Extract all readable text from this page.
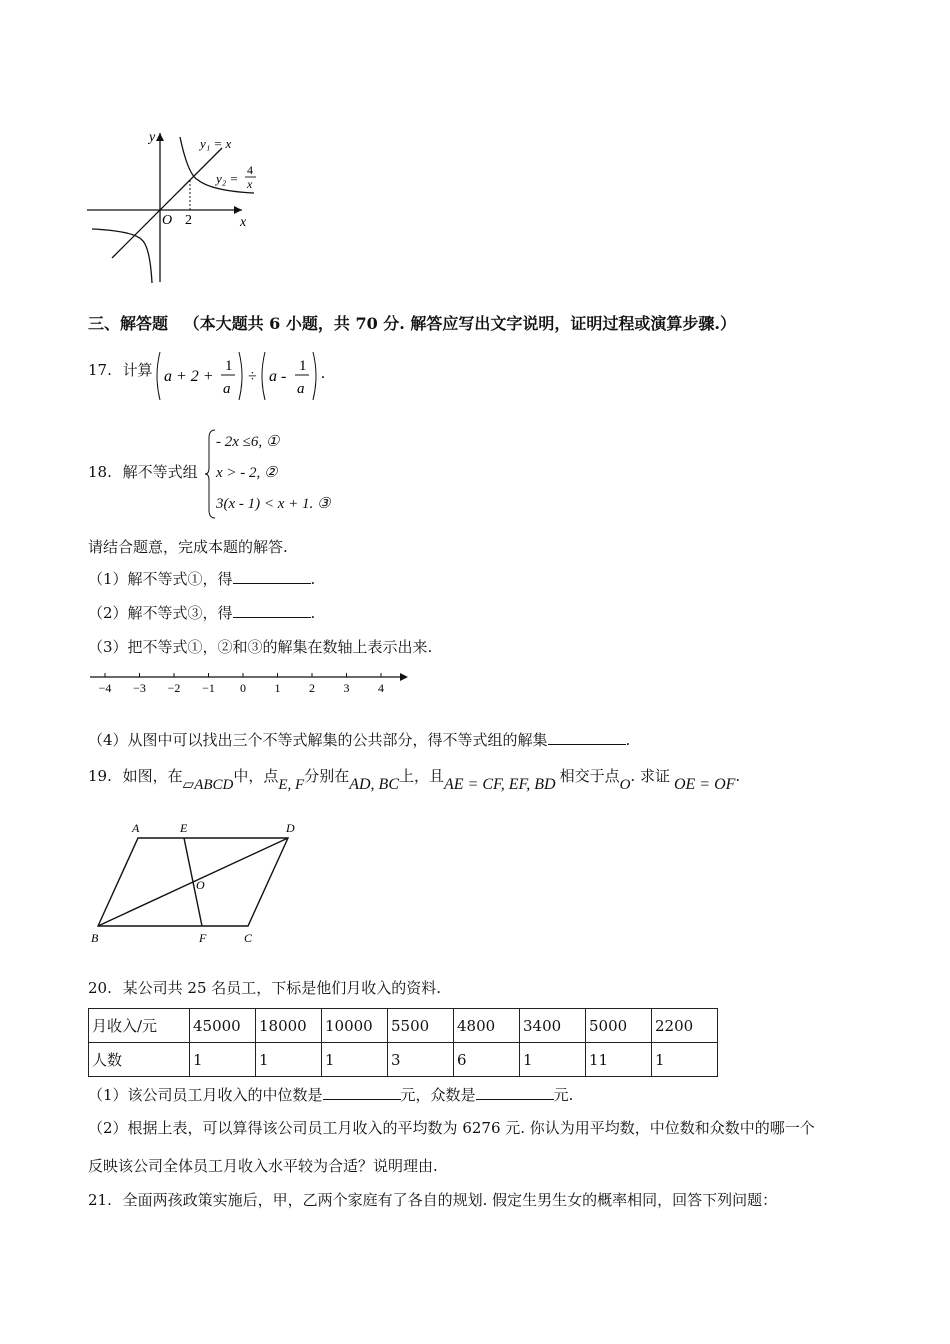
y
x
O 2
y₁ = x
y₂ =
4
x
三、解答题 （本大题共 6 小题，共 70 分. 解答应写出文字说明，证明过程或演算步骤.）
17. 计算 a + 2 +
1
a
÷ a -
1
a
.
18. 解不等式组
- 2x ≤6, ①
x > - 2, ②
3(x - 1) < x + 1. ③
请结合题意，完成本题的解答.
（1）解不等式①，得	.
（2）解不等式③，得	.
（3）把不等式①，②和③的解集在数轴上表示出来.
−4 −3 −2 −1 0 1 2 3 4
（4）从图中可以找出三个不等式解集的公共部分，得不等式组的解集	.
19. 如图，在▱ABCD中，点E, F分别在AD, BC上，且AE = CF, EF, BD 相交于点O. 求证 OE = OF.
A	E	D
O
B	F	C
20. 某公司共 25 名员工，下标是他们月收入的资料.
月收入/元	45000	18000	10000	5500	4800	3400	5000	2200
人数	1	1	1	3	6	1	11	1
（1）该公司员工月收入的中位数是	元，众数是	元.
（2）根据上表，可以算得该公司员工月收入的平均数为 6276 元. 你认为用平均数，中位数和众数中的哪一个
反映该公司全体员工月收入水平较为合适？说明理由.
21. 全面两孩政策实施后，甲，乙两个家庭有了各自的规划. 假定生男生女的概率相同，回答下列问题：
